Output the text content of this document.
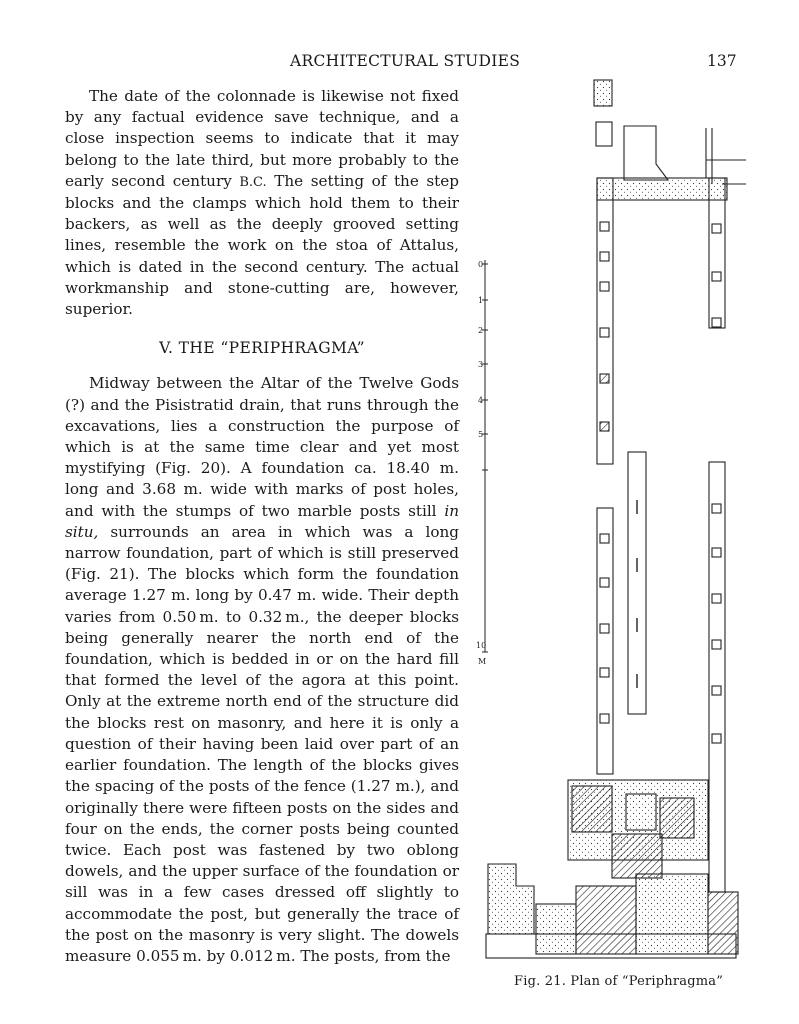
ARCHITECTURAL STUDIES	137

The date of the colonnade is likewise not fixed by any factual evidence save technique, and a close inspection seems to indicate that it may belong to the late third, but more probably to the early second century B.C. The setting of the step blocks and the clamps which hold them to their backers, as well as the deeply grooved setting lines, resemble the work on the stoa of Attalus, which is dated in the second century. The actual workmanship and stone-cutting are, however, superior.

V. THE “PERIPHRAGMA”

Midway between the Altar of the Twelve Gods (?) and the Pisistratid drain, that runs through the excavations, lies a construction the purpose of which is at the same time clear and yet most mystifying (Fig. 20). A foundation ca. 18.40 m. long and 3.68 m. wide with marks of post holes, and with the stumps of two marble posts still in situ, surrounds an area in which was a long narrow foundation, part of which is still preserved (Fig. 21). The blocks which form the foundation average 1.27 m. long by 0.47 m. wide. Their depth varies from 0.50 m. to 0.32 m., the deeper blocks being generally nearer the north end of the foundation, which is bedded in or on the hard fill that formed the level of the agora at this point. Only at the extreme north end of the structure did the blocks rest on masonry, and here it is only a question of their having been laid over part of an earlier foundation. The length of the blocks gives the spacing of the posts of the fence (1.27 m.), and originally there were fifteen posts on the sides and four on the ends, the corner posts being counted twice. Each post was fastened by two oblong dowels, and the upper surface of the foundation or sill was in a few cases dressed off slightly to accommodate the post, but generally the trace of the post on the masonry is very slight. The dowels measure 0.055 m. by 0.012 m. The posts, from the

0
1
2
3
4
5
10
M
Fig. 21. Plan of “Periphragma”
